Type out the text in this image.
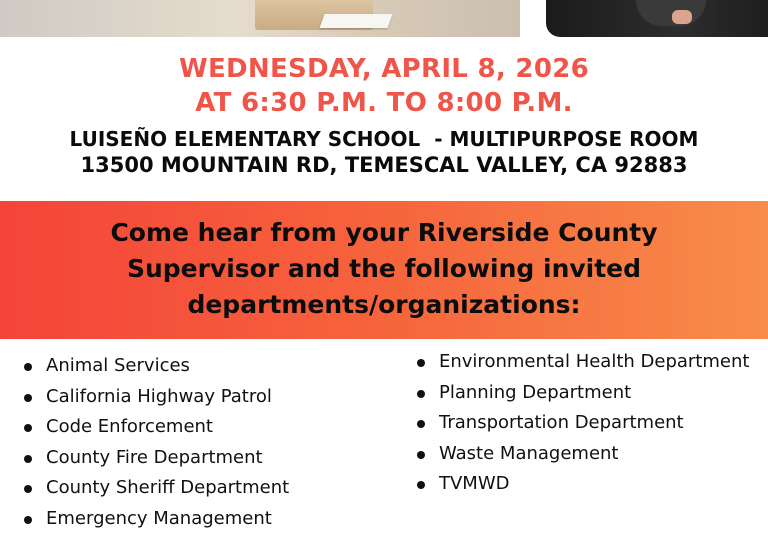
WEDNESDAY, APRIL 8, 2026
AT 6:30 P.M. TO 8:00 P.M.
LUISEÑO ELEMENTARY SCHOOL  - MULTIPURPOSE ROOM
13500 MOUNTAIN RD, TEMESCAL VALLEY, CA 92883
Come hear from your Riverside County
Supervisor and the following invited
departments/organizations:
Animal Services
California Highway Patrol
Code Enforcement
County Fire Department
County Sheriff Department
Emergency Management
Environmental Health Department
Planning Department
Transportation Department
Waste Management
TVMWD
